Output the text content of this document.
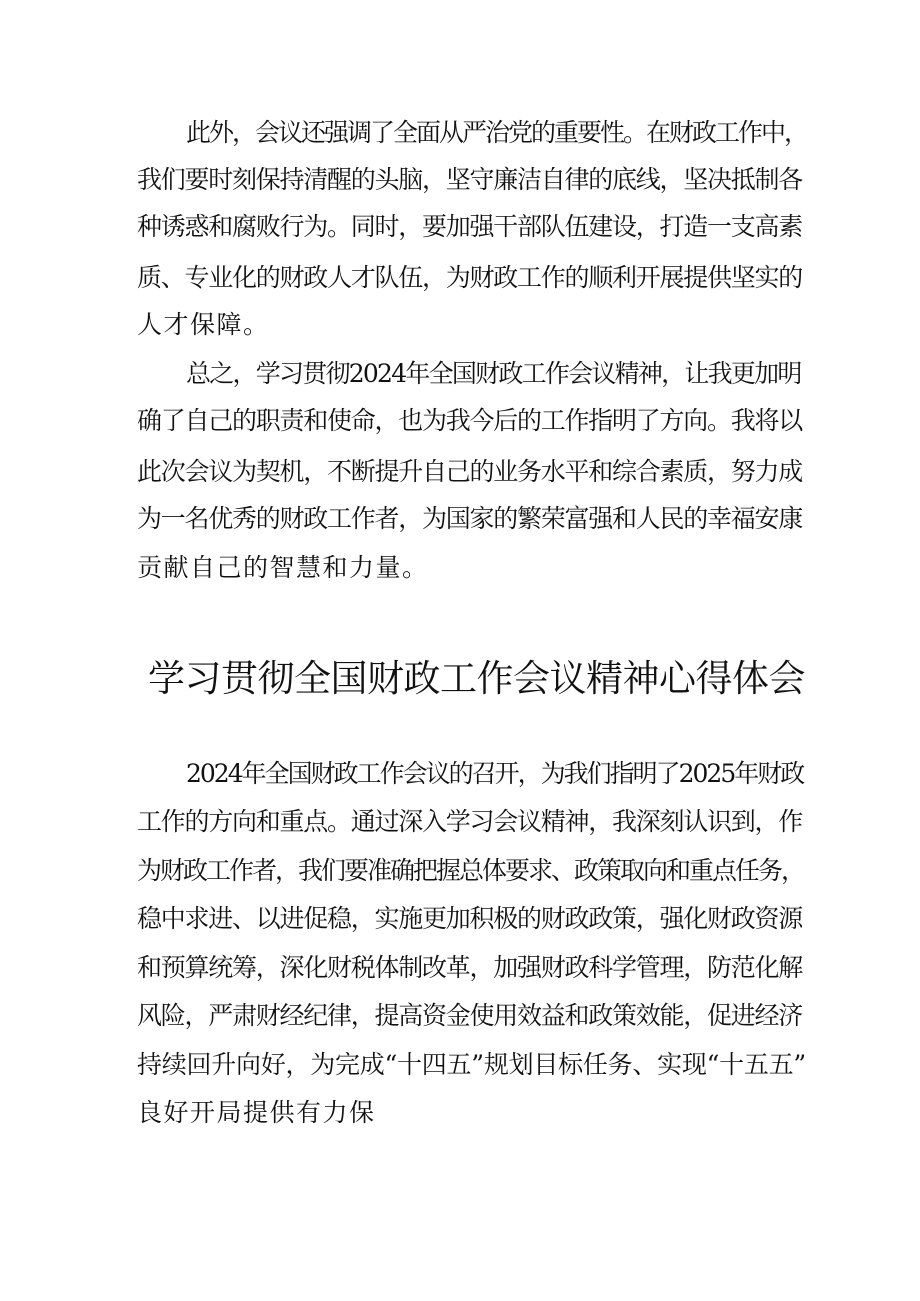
此外，会议还强调了全面从严治党的重要性。在财政工作中，

我们要时刻保持清醒的头脑，坚守廉洁自律的底线，坚决抵制各

种诱惑和腐败行为。同时，要加强干部队伍建设，打造一支高素

质、专业化的财政人才队伍，为财政工作的顺利开展提供坚实的

人才保障。

总之，学习贯彻2024年全国财政工作会议精神，让我更加明

确了自己的职责和使命，也为我今后的工作指明了方向。我将以

此次会议为契机，不断提升自己的业务水平和综合素质，努力成

为一名优秀的财政工作者，为国家的繁荣富强和人民的幸福安康

贡献自己的智慧和力量。

学习贯彻全国财政工作会议精神心得体会

2024年全国财政工作会议的召开，为我们指明了2025年财政

工作的方向和重点。通过深入学习会议精神，我深刻认识到，作

为财政工作者，我们要准确把握总体要求、政策取向和重点任务，

稳中求进、以进促稳，实施更加积极的财政政策，强化财政资源

和预算统筹，深化财税体制改革，加强财政科学管理，防范化解

风险，严肃财经纪律，提高资金使用效益和政策效能，促进经济

持续回升向好，为完成“十四五”规划目标任务、实现“十五五”

良好开局提供有力保
